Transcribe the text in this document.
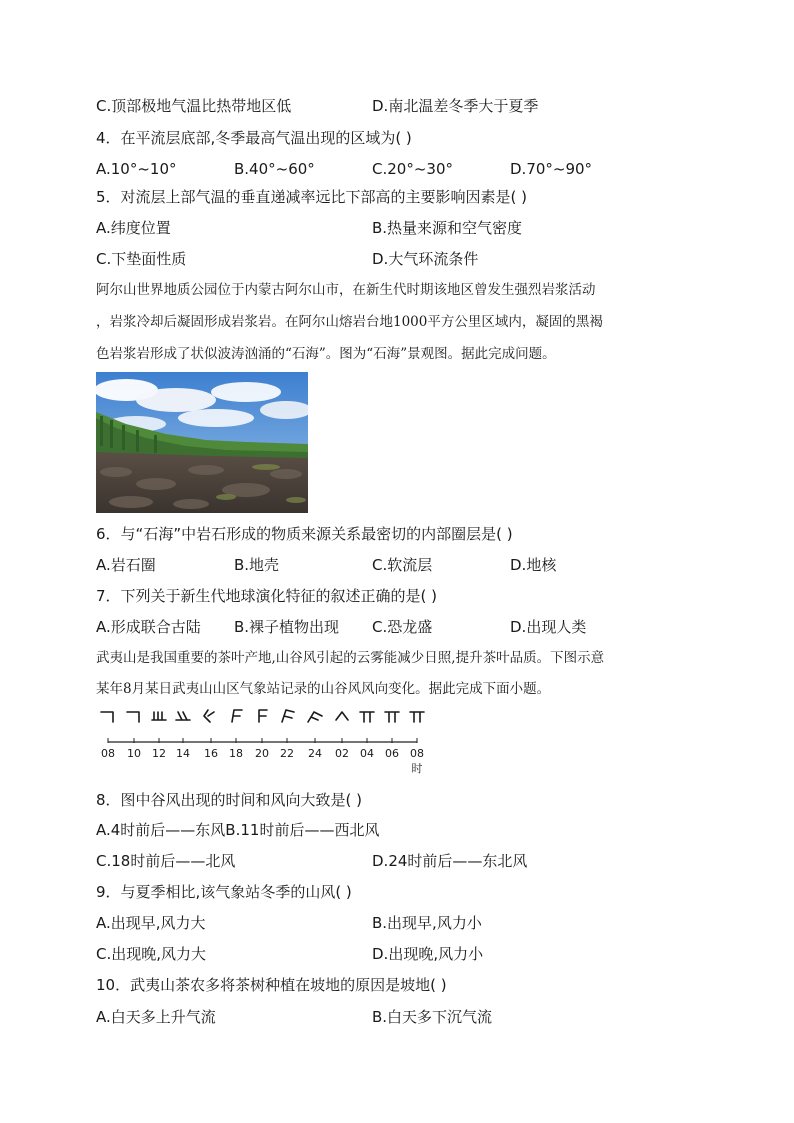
C.顶部极地气温比热带地区低	D.南北温差冬季大于夏季
4．在平流层底部,冬季最高气温出现的区域为( )
A.10°~10°	B.40°~60°	C.20°~30°	D.70°~90°
5．对流层上部气温的垂直递减率远比下部高的主要影响因素是( )
A.纬度位置	B.热量来源和空气密度
C.下垫面性质	D.大气环流条件
阿尔山世界地质公园位于内蒙古阿尔山市，在新生代时期该地区曾发生强烈岩浆活动
，岩浆冷却后凝固形成岩浆岩。在阿尔山熔岩台地1000平方公里区域内，凝固的黑褐
色岩浆岩形成了状似波涛汹涌的“石海”。图为“石海”景观图。据此完成问题。
6．与“石海”中岩石形成的物质来源关系最密切的内部圈层是( )
A.岩石圈	B.地壳	C.软流层	D.地核
7．下列关于新生代地球演化特征的叙述正确的是( )
A.形成联合古陆 B.裸子植物出现 C.恐龙盛	D.出现人类
武夷山是我国重要的茶叶产地,山谷风引起的云雾能减少日照,提升茶叶品质。下图示意
某年8月某日武夷山山区气象站记录的山谷风风向变化。据此完成下面小题。
08 10 12 14 16 18 20 22 24 02 04 06 08
时
8．图中谷风出现的时间和风向大致是( )
A.4时前后——东风B.11时前后——西北风
C.18时前后——北风	D.24时前后——东北风
9．与夏季相比,该气象站冬季的山风( )
A.出现早,风力大	B.出现早,风力小
C.出现晚,风力大	D.出现晚,风力小
10．武夷山茶农多将茶树种植在坡地的原因是坡地( )
A.白天多上升气流	B.白天多下沉气流
